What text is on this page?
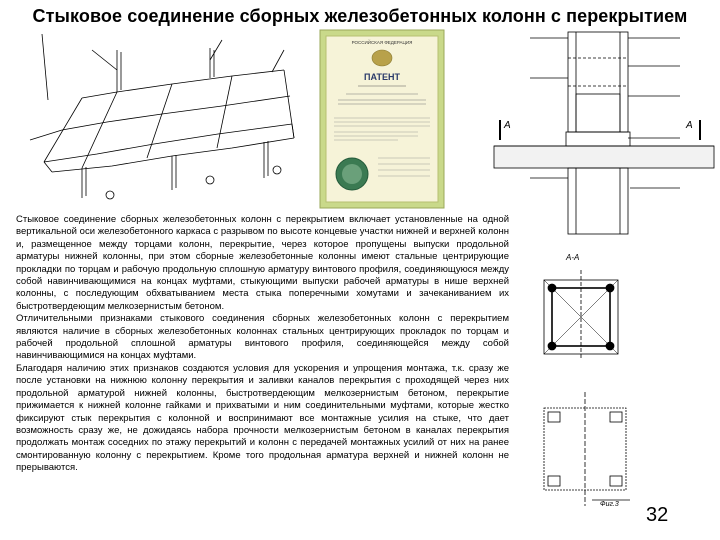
Стыковое соединение сборных железобетонных колонн с перекрытием
РОССИЙСКАЯ ФЕДЕРАЦИЯ
ПАТЕНТ
А	А
А-А
Фиг.3

Стыковое соединение сборных железобетонных колонн с перекрытием включает установленные на одной вертикальной оси железобетонного каркаса с разрывом по высоте концевые участки нижней и верхней колонн и, размещенное между торцами колонн, перекрытие, через которое пропущены выпуски продольной арматуры нижней колонны, при этом сборные железобетонные колонны имеют стальные центрирующие прокладки по торцам и рабочую продольную сплошную арматуру винтового профиля, соединяющуюся между собой навинчивающимися на концах муфтами, стыкующими выпуски рабочей арматуры в нише верхней колонны, с последующим обхватыванием места стыка поперечными хомутами и зачеканиванием их быстротвердеющим мелкозернистым бетоном.

Отличительными признаками стыкового соединения сборных железобетонных колонн с перекрытием являются наличие в сборных железобетонных колоннах стальных центрирующих прокладок по торцам и рабочей продольной сплошной арматуры винтового профиля, соединяющейся между собой навинчивающимися на концах муфтами.

Благодаря наличию этих признаков создаются условия для ускорения и упрощения монтажа, т.к. сразу же после установки на нижнюю колонну перекрытия и заливки каналов перекрытия с проходящей через них продольной арматурой нижней колонны, быстротвердеющим мелкозернистым бетоном, перекрытие прижимается к нижней колонне гайками и прихватыми и ним соединительными муфтами, которые жестко фиксируют стык перекрытия с колонной и воспринимают все монтажные усилия на стыке, что дает возможность сразу же, не дожидаясь набора прочности мелкозернистым бетоном в каналах перекрытия продолжать монтаж соседних по этажу перекрытий и колонн с передачей монтажных усилий от них на ранее смонтированную колонну с перекрытием. Кроме того продольная арматура верхней и нижней колонн не прерываются.

32
